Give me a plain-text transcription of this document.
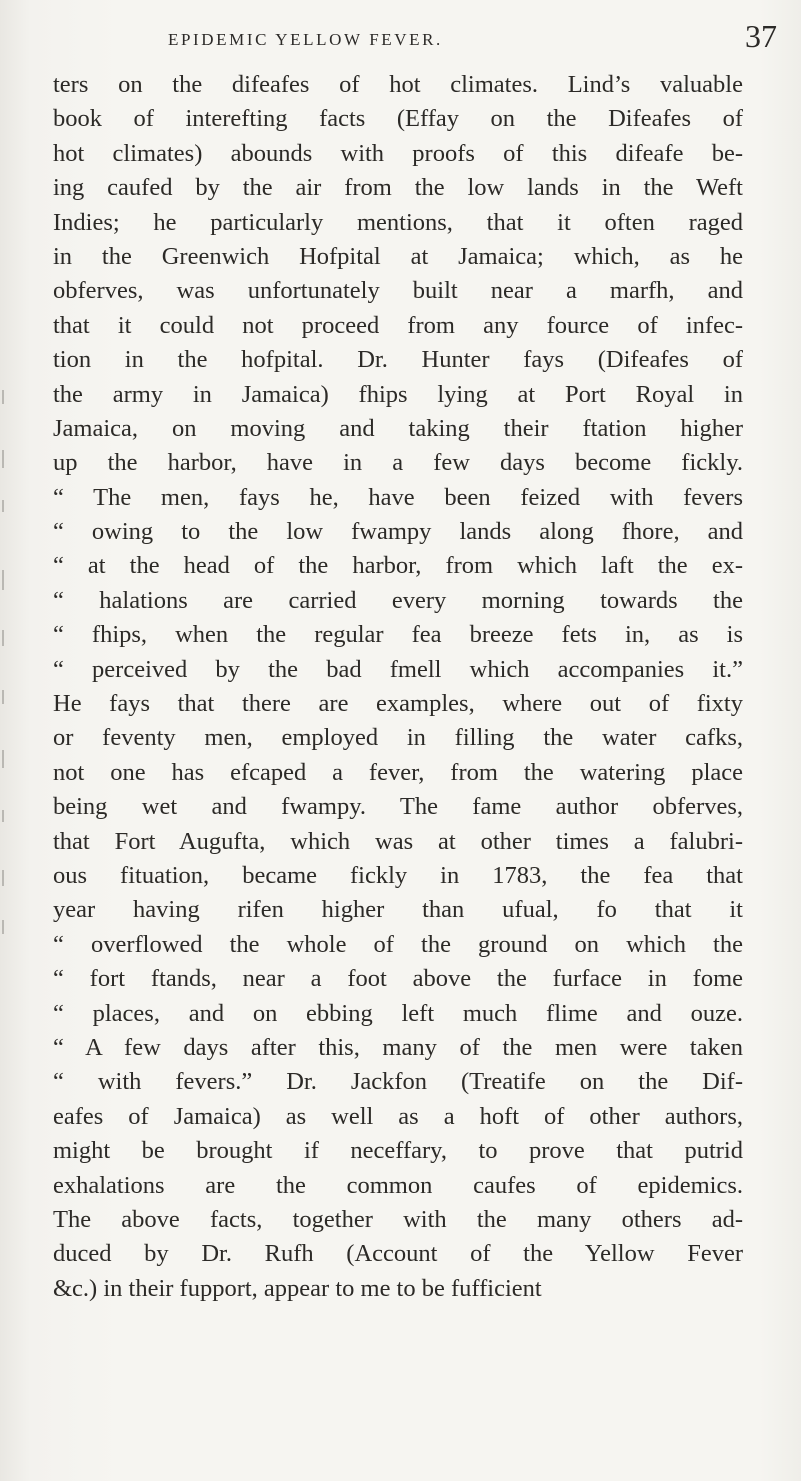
EPIDEMIC YELLOW FEVER.	37
ters on the difeafes of hot climates. Lind’s valuable
book of interefting facts (Effay on the Difeafes of
hot climates) abounds with proofs of this difeafe be-
ing caufed by the air from the low lands in the Weft
Indies; he particularly mentions, that it often raged
in the Greenwich Hofpital at Jamaica; which, as he
obferves, was unfortunately built near a marfh, and
that it could not proceed from any fource of infec-
tion in the hofpital. Dr. Hunter fays (Difeafes of
the army in Jamaica) fhips lying at Port Royal in
Jamaica, on moving and taking their ftation higher
up the harbor, have in a few days become fickly.
“ The men, fays he, have been feized with fevers
“ owing to the low fwampy lands along fhore, and
“ at the head of the harbor, from which laft the ex-
“ halations are carried every morning towards the
“ fhips, when the regular fea breeze fets in, as is
“ perceived by the bad fmell which accompanies it.”
He fays that there are examples, where out of fixty
or feventy men, employed in filling the water cafks,
not one has efcaped a fever, from the watering place
being wet and fwampy. The fame author obferves,
that Fort Augufta, which was at other times a falubri-
ous fituation, became fickly in 1783, the fea that
year having rifen higher than ufual, fo that it
“ overflowed the whole of the ground on which the
“ fort ftands, near a foot above the furface in fome
“ places, and on ebbing left much flime and ouze.
“ A few days after this, many of the men were taken
“ with fevers.” Dr. Jackfon (Treatife on the Dif-
eafes of Jamaica) as well as a hoft of other authors,
might be brought if neceffary, to prove that putrid
exhalations are the common caufes of epidemics.
The above facts, together with the many others ad-
duced by Dr. Rufh (Account of the Yellow Fever
&c.) in their fupport, appear to me to be fufficient
